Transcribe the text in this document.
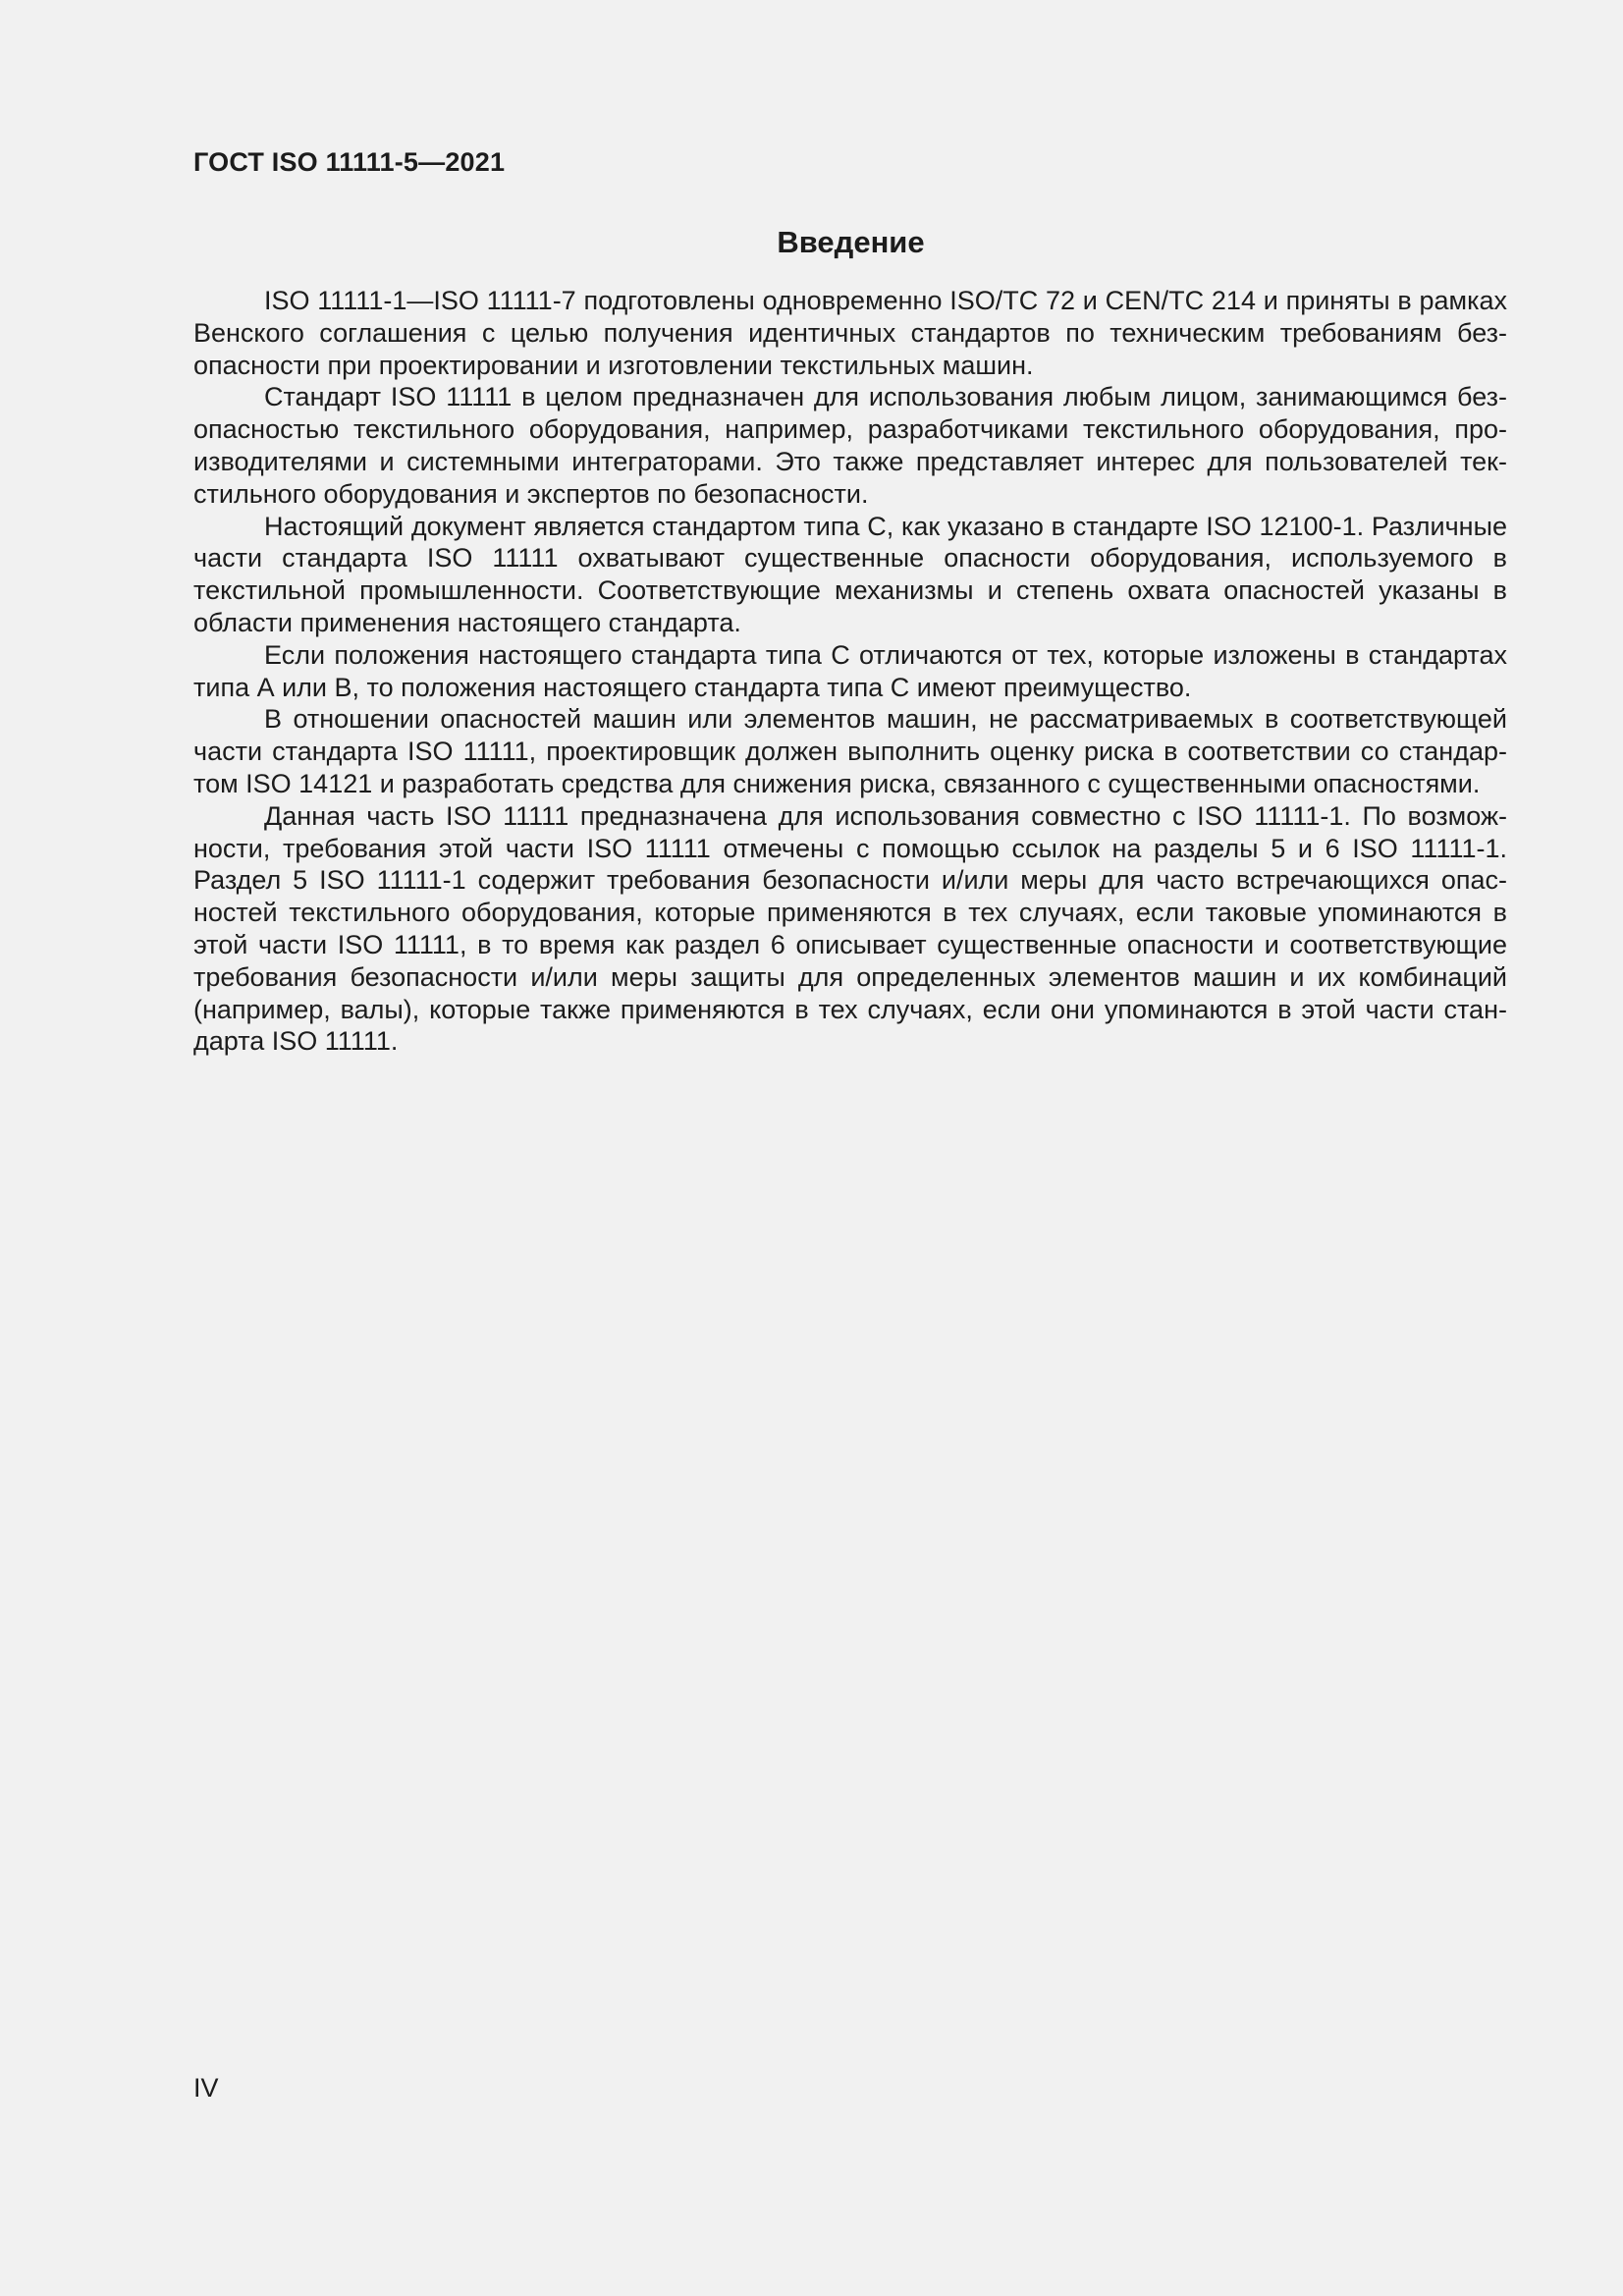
ГОСТ ISO 11111-5—2021
Введение

ISO 11111-1—ISO 11111-7 подготовлены одновременно ISO/TC 72 и CEN/TC 214 и приняты в рамках Венского соглашения с целью получения идентичных стандартов по техническим требованиям безопасности при проектировании и изготовлении текстильных машин.

Стандарт ISO 11111 в целом предназначен для использования любым лицом, занимающимся безопасностью текстильного оборудования, например, разработчиками текстильного оборудования, производителями и системными интеграторами. Это также представляет интерес для пользователей текстильного оборудования и экспертов по безопасности.

Настоящий документ является стандартом типа С, как указано в стандарте ISO 12100-1. Различные части стандарта ISO 11111 охватывают существенные опасности оборудования, используемого в текстильной промышленности. Соответствующие механизмы и степень охвата опасностей указаны в области применения настоящего стандарта.

Если положения настоящего стандарта типа С отличаются от тех, которые изложены в стандартах типа А или В, то положения настоящего стандарта типа С имеют преимущество.

В отношении опасностей машин или элементов машин, не рассматриваемых в соответствующей части стандарта ISO 11111, проектировщик должен выполнить оценку риска в соответствии со стандартом ISO 14121 и разработать средства для снижения риска, связанного с существенными опасностями.

Данная часть ISO 11111 предназначена для использования совместно с ISO 11111-1. По возможности, требования этой части ISO 11111 отмечены с помощью ссылок на разделы 5 и 6 ISO 11111-1. Раздел 5 ISO 11111-1 содержит требования безопасности и/или меры для часто встречающихся опасностей текстильного оборудования, которые применяются в тех случаях, если таковые упоминаются в этой части ISO 11111, в то время как раздел 6 описывает существенные опасности и соответствующие требования безопасности и/или меры защиты для определенных элементов машин и их комбинаций (например, валы), которые также применяются в тех случаях, если они упоминаются в этой части стандарта ISO 11111.

IV
